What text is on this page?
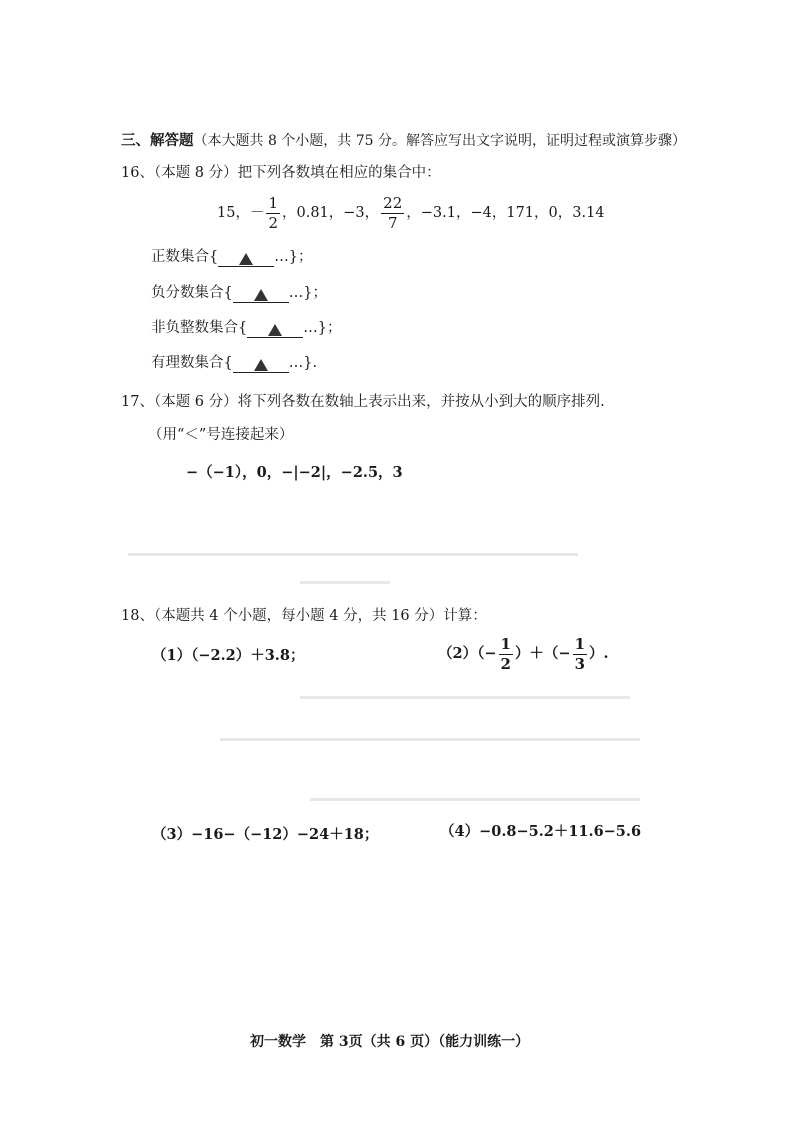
三、解答题（本大题共 8 个小题，共 75 分。解答应写出文字说明，证明过程或演算步骤）
16、（本题 8 分）把下列各数填在相应的集合中：
15，－ $\frac{1}{2}$ ，0.81，−3， $\frac{22}{7}$ ，−3.1，−4，171，0，3.14
正数集合{	…}；
负分数集合{	…}；
非负整数集合{	…}；
有理数集合{	…}.
17、（本题 6 分）将下列各数在数轴上表示出来，并按从小到大的顺序排列.
（用“＜”号连接起来）
−（−1），0，−|−2|，−2.5，3
18、（本题共 4 个小题，每小题 4 分，共 16 分）计算：
（1）（−2.2）＋3.8；	$(2)(- \frac{1}{2}$ ）＋（− $\frac{1}{3}$ ）.
（3）−16−（−12）−24＋18；	（4）−0.8−5.2＋11.6−5.6
初一数学　第 3页（共 6 页）（能力训练一）
